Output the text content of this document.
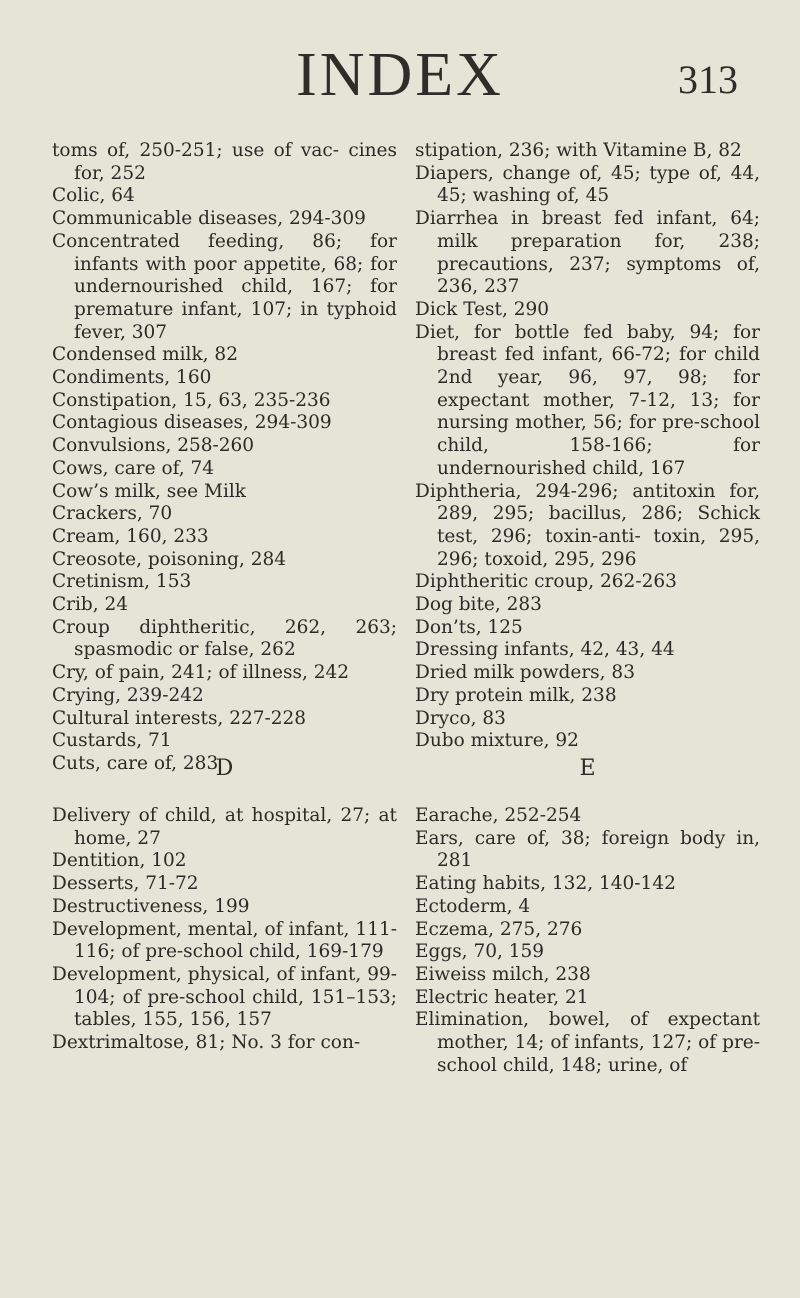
INDEX	313
toms of, 250-251; use of vac- cines for, 252
Colic, 64
Communicable diseases, 294-309
Concentrated feeding, 86; for infants with poor appetite, 68; for undernourished child, 167; for premature infant, 107; in typhoid fever, 307
Condensed milk, 82
Condiments, 160
Constipation, 15, 63, 235-236
Contagious diseases, 294-309
Convulsions, 258-260
Cows, care of, 74
Cow’s milk, see Milk
Crackers, 70
Cream, 160, 233
Creosote, poisoning, 284
Cretinism, 153
Crib, 24
Croup diphtheritic, 262, 263; spasmodic or false, 262
Cry, of pain, 241; of illness, 242
Crying, 239-242
Cultural interests, 227-228
Custards, 71
Cuts, care of, 283
stipation, 236; with Vitamine B, 82
Diapers, change of, 45; type of, 44, 45; washing of, 45
Diarrhea in breast fed infant, 64; milk preparation for, 238; precautions, 237; symptoms of, 236, 237
Dick Test, 290
Diet, for bottle fed baby, 94; for breast fed infant, 66-72; for child 2nd year, 96, 97, 98; for expectant mother, 7-12, 13; for nursing mother, 56; for pre-school child, 158-166; for undernourished child, 167
Diphtheria, 294-296; antitoxin for, 289, 295; bacillus, 286; Schick test, 296; toxin-anti- toxin, 295, 296; toxoid, 295, 296
Diphtheritic croup, 262-263
Dog bite, 283
Don’ts, 125
Dressing infants, 42, 43, 44
Dried milk powders, 83
Dry protein milk, 238
Dryco, 83
Dubo mixture, 92
D	E
Delivery of child, at hospital, 27; at home, 27
Dentition, 102
Desserts, 71-72
Destructiveness, 199
Development, mental, of infant, 111-116; of pre-school child, 169-179
Development, physical, of infant, 99-104; of pre-school child, 151–153; tables, 155, 156, 157
Dextrimaltose, 81; No. 3 for con-
Earache, 252-254
Ears, care of, 38; foreign body in, 281
Eating habits, 132, 140-142
Ectoderm, 4
Eczema, 275, 276
Eggs, 70, 159
Eiweiss milch, 238
Electric heater, 21
Elimination, bowel, of expectant mother, 14; of infants, 127; of pre-school child, 148; urine, of
